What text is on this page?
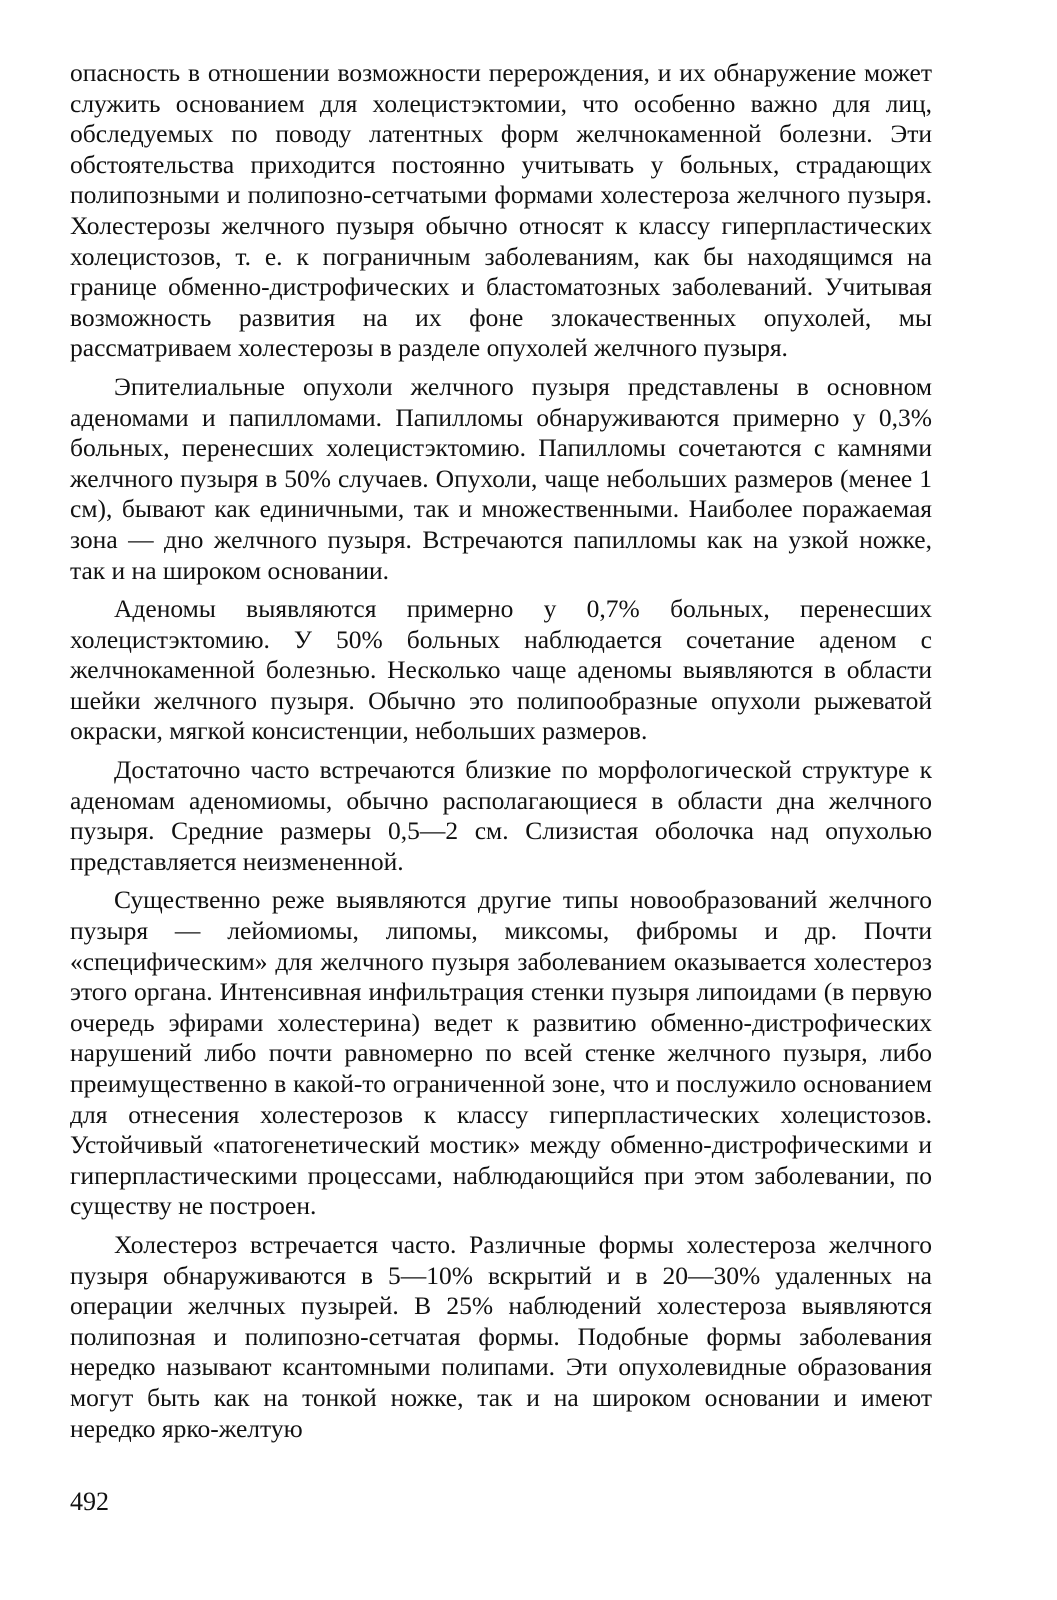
опасность в отношении возможности перерождения, и их обнаружение может служить основанием для холецистэктомии, что особенно важно для лиц, обследуемых по поводу латентных форм желчнокаменной болезни. Эти обстоятельства приходится постоянно учитывать у больных, страдающих полипозными и полипозно-сетчатыми формами холестероза желчного пузыря. Холестерозы желчного пузыря обычно относят к классу гиперпластических холецистозов, т. е. к пограничным заболеваниям, как бы находящимся на границе обменно-дистрофических и бластоматозных заболеваний. Учитывая возможность развития на их фоне злокачественных опухолей, мы рассматриваем холестерозы в разделе опухолей желчного пузыря.

Эпителиальные опухоли желчного пузыря представлены в основном аденомами и папилломами. Папилломы обнаруживаются примерно у 0,3% больных, перенесших холецистэктомию. Папилломы сочетаются с камнями желчного пузыря в 50% случаев. Опухоли, чаще небольших размеров (менее 1 см), бывают как единичными, так и множественными. Наиболее поражаемая зона — дно желчного пузыря. Встречаются папилломы как на узкой ножке, так и на широком основании.

Аденомы выявляются примерно у 0,7% больных, перенесших холецистэктомию. У 50% больных наблюдается сочетание аденом с желчнокаменной болезнью. Несколько чаще аденомы выявляются в области шейки желчного пузыря. Обычно это полипообразные опухоли рыжеватой окраски, мягкой консистенции, небольших размеров.

Достаточно часто встречаются близкие по морфологической структуре к аденомам аденомиомы, обычно располагающиеся в области дна желчного пузыря. Средние размеры 0,5—2 см. Слизистая оболочка над опухолью представляется неизмененной.

Существенно реже выявляются другие типы новообразований желчного пузыря — лейомиомы, липомы, миксомы, фибромы и др. Почти «специфическим» для желчного пузыря заболеванием оказывается холестероз этого органа. Интенсивная инфильтрация стенки пузыря липоидами (в первую очередь эфирами холестерина) ведет к развитию обменно-дистрофических нарушений либо почти равномерно по всей стенке желчного пузыря, либо преимущественно в какой-то ограниченной зоне, что и послужило основанием для отнесения холестерозов к классу гиперпластических холецистозов. Устойчивый «патогенетический мостик» между обменно-дистрофическими и гиперпластическими процессами, наблюдающийся при этом заболевании, по существу не построен.

Холестероз встречается часто. Различные формы холестероза желчного пузыря обнаруживаются в 5—10% вскрытий и в 20—30% удаленных на операции желчных пузырей. В 25% наблюдений холестероза выявляются полипозная и полипозно-сетчатая формы. Подобные формы заболевания нередко называют ксантомными полипами. Эти опухолевидные образования могут быть как на тонкой ножке, так и на широком основании и имеют нередко ярко-желтую

492
